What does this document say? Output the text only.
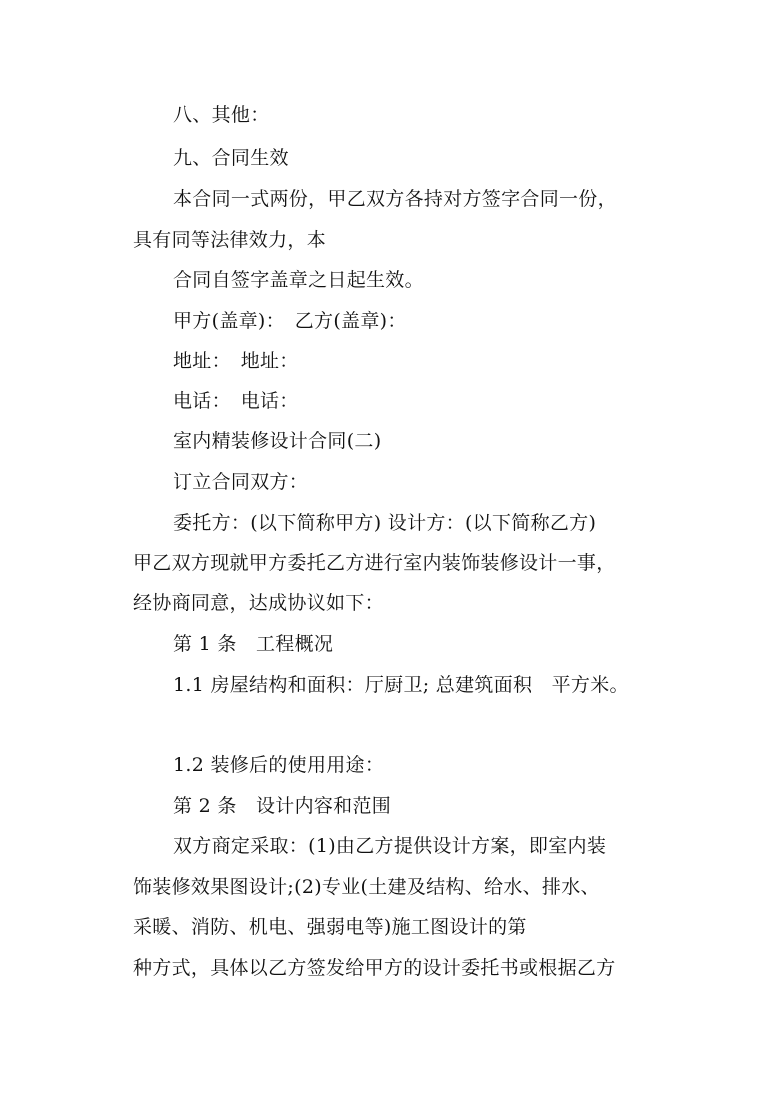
八、其他：
九、合同生效
本合同一式两份，甲乙双方各持对方签字合同一份，
具有同等法律效力，本
合同自签字盖章之日起生效。
甲方(盖章)：　乙方(盖章)：
地址：　地址：
电话：　电话：
室内精装修设计合同(二)
订立合同双方：
委托方：(以下简称甲方) 设计方：(以下简称乙方)
甲乙双方现就甲方委托乙方进行室内装饰装修设计一事，
经协商同意，达成协议如下：
第 1 条　工程概况
1.1 房屋结构和面积：厅厨卫; 总建筑面积　平方米。
1.2 装修后的使用用途：
第 2 条　设计内容和范围
双方商定采取：(1)由乙方提供设计方案，即室内装
饰装修效果图设计;(2)专业(土建及结构、给水、排水、
采暖、消防、机电、强弱电等)施工图设计的第
种方式，具体以乙方签发给甲方的设计委托书或根据乙方
